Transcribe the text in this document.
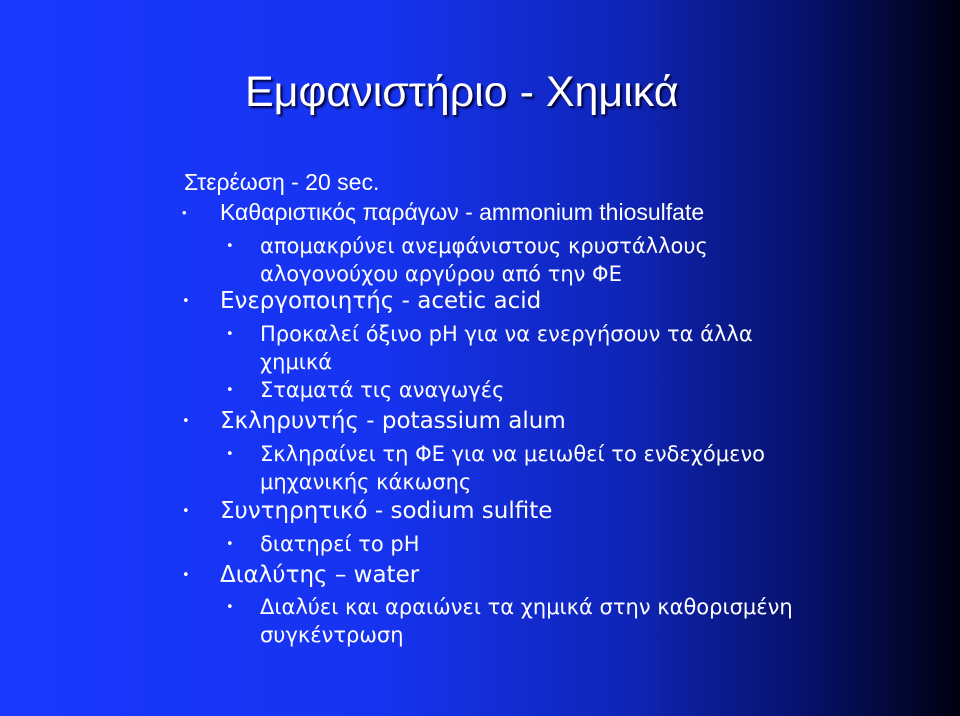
Εμφανιστήριο - Χημικά
Στερέωση - 20 sec.
• Καθαριστικός παράγων - ammonium thiosulfate
• απομακρύνει ανεμφάνιστους κρυστάλλους
αλογονούχου αργύρου από την ΦΕ
• Ενεργοποιητής - acetic acid
• Προκαλεί όξινο pH για να ενεργήσουν τα άλλα
χημικά
• Σταματά τις αναγωγές
• Σκληρυντής - potassium alum
• Σκληραίνει τη ΦΕ για να μειωθεί το ενδεχόμενο
μηχανικής κάκωσης
• Συντηρητικό - sodium sulfite
• διατηρεί το pH
• Διαλύτης – water
• Διαλύει και αραιώνει τα χημικά στην καθορισμένη
συγκέντρωση
